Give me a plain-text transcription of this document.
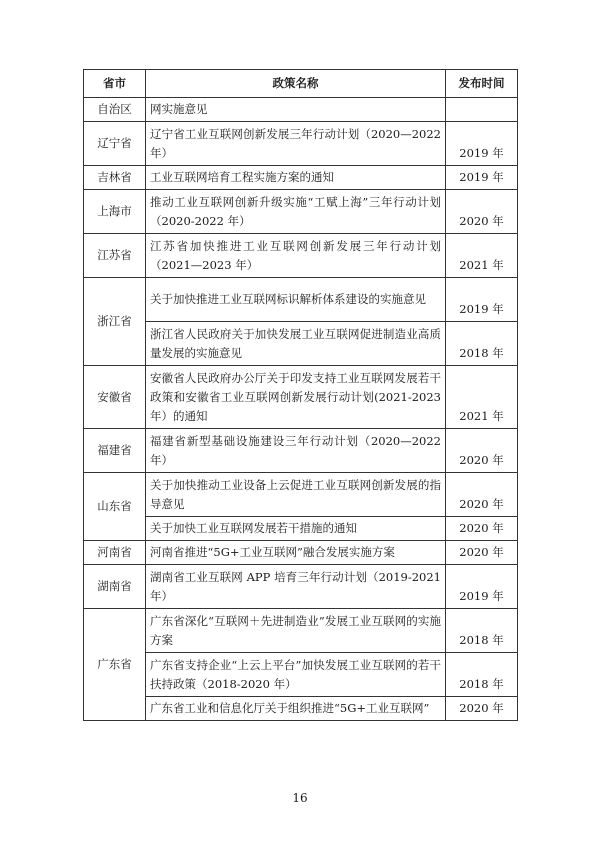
省市	政策名称	发布时间
自治区	网实施意见	
辽宁省	辽宁省工业互联网创新发展三年行动计划（2020—2022 年）	2019 年
吉林省	工业互联网培育工程实施方案的通知	2019 年
上海市	推动工业互联网创新升级实施“工赋上海”三年行动计划（2020-2022 年）	2020 年
江苏省	江苏省加快推进工业互联网创新发展三年行动计划（2021—2023 年）	2021 年
浙江省	关于加快推进工业互联网标识解析体系建设的实施意见	2019 年
	浙江省人民政府关于加快发展工业互联网促进制造业高质量发展的实施意见	2018 年
安徽省	安徽省人民政府办公厅关于印发支持工业互联网发展若干政策和安徽省工业互联网创新发展行动计划(2021-2023 年）的通知	2021 年
福建省	福建省新型基础设施建设三年行动计划（2020—2022 年）	2020 年
山东省	关于加快推动工业设备上云促进工业互联网创新发展的指导意见	2020 年
	关于加快工业互联网发展若干措施的通知	2020 年
河南省	河南省推进“5G+工业互联网”融合发展实施方案	2020 年
湖南省	湖南省工业互联网 APP 培育三年行动计划（2019-2021 年）	2019 年
广东省	广东省深化“互联网＋先进制造业”发展工业互联网的实施方案	2018 年
	广东省支持企业“上云上平台”加快发展工业互联网的若干扶持政策（2018-2020 年）	2018 年
	广东省工业和信息化厅关于组织推进“5G+工业互联网”	2020 年
16
